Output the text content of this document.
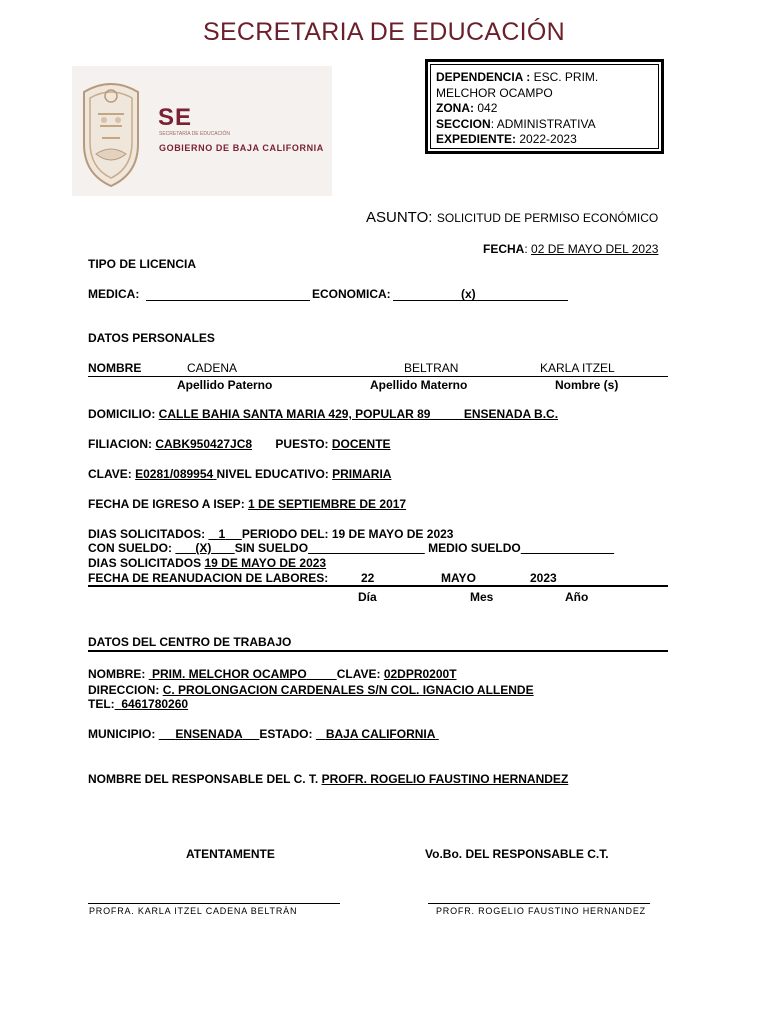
SECRETARIA DE EDUCACIÓN
SE
SECRETARÍA DE EDUCACIÓN
GOBIERNO DE BAJA CALIFORNIA
DEPENDENCIA : ESC. PRIM.
MELCHOR OCAMPO
ZONA: 042
SECCION: ADMINISTRATIVA
EXPEDIENTE: 2022-2023
ASUNTO: SOLICITUD DE PERMISO ECONÓMICO
FECHA: 02 DE MAYO DEL 2023
TIPO DE LICENCIA
MEDICA:	ECONOMICA:	(x)
DATOS PERSONALES
NOMBRE	CADENA	BELTRAN	KARLA ITZEL
Apellido Paterno	Apellido Materno	Nombre (s)
DOMICILIO: CALLE BAHIA SANTA MARIA 429, POPULAR 89	ENSENADA B.C.
FILIACION: CABK950427JC8 PUESTO: DOCENTE
CLAVE: E0281/089954 NIVEL EDUCATIVO: PRIMARIA
FECHA DE IGRESO A ISEP: 1 DE SEPTIEMBRE DE 2017
DIAS SOLICITADOS: 1 PERIODO DEL: 19 DE MAYO DE 2023
CON SUELDO: (X) SIN SUELDO	MEDIO SUELDO
DIAS SOLICITADOS 19 DE MAYO DE 2023
FECHA DE REANUDACION DE LABORES:	22	MAYO	2023
Día	Mes	Año
DATOS DEL CENTRO DE TRABAJO
NOMBRE: PRIM. MELCHOR OCAMPO	CLAVE: 02DPR0200T
DIRECCION: C. PROLONGACION CARDENALES S/N COL. IGNACIO ALLENDE
TEL: 6461780260
MUNICIPIO: ENSENADA ESTADO: BAJA CALIFORNIA
NOMBRE DEL RESPONSABLE DEL C. T. PROFR. ROGELIO FAUSTINO HERNANDEZ
ATENTAMENTE	Vo.Bo. DEL RESPONSABLE C.T.
PROFRA. KARLA ITZEL CADENA BELTRÀN	PROFR. ROGELIO FAUSTINO HERNANDEZ
